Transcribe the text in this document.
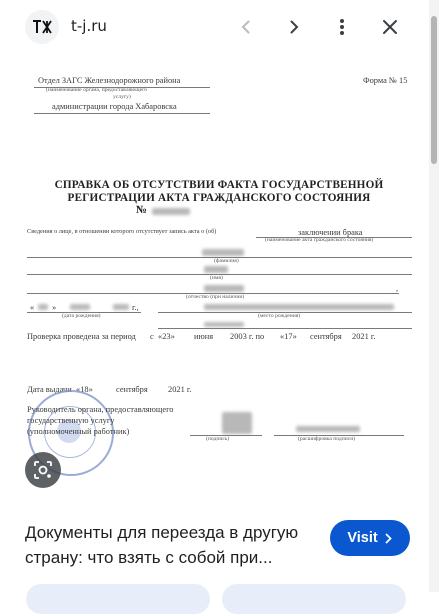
t-j.ru
Отдел ЗАГС Железнодорожного района	Форма № 15
(наименование органа, предоставляющего
услугу)
администрации города Хабаровска
СПРАВКА ОБ ОТСУТСТВИИ ФАКТА ГОСУДАРСТВЕННОЙ
РЕГИСТРАЦИИ АКТА ГРАЖДАНСКОГО СОСТОЯНИЯ
№
Сведения о лице, в отношении которого отсутствует запись акта о (об)	заключении брака
(наименование акта гражданского состояния)
(фамилия)
(имя)
,
(отчество (при наличии)
« »	г.,
(дата рождения)	(место рождения)
Проверка проведена за период с «23» июня 2003 г. по «17» сентября 2021 г.
Дата выдачи «18»	сентября 2021 г.
Руководитель органа, предоставляющего
государственную услугу
(уполномоченный работник)
(подпись)	(расшифровка подписи)
Документы для переезда в другую страну: что взять с собой при...
Visit
